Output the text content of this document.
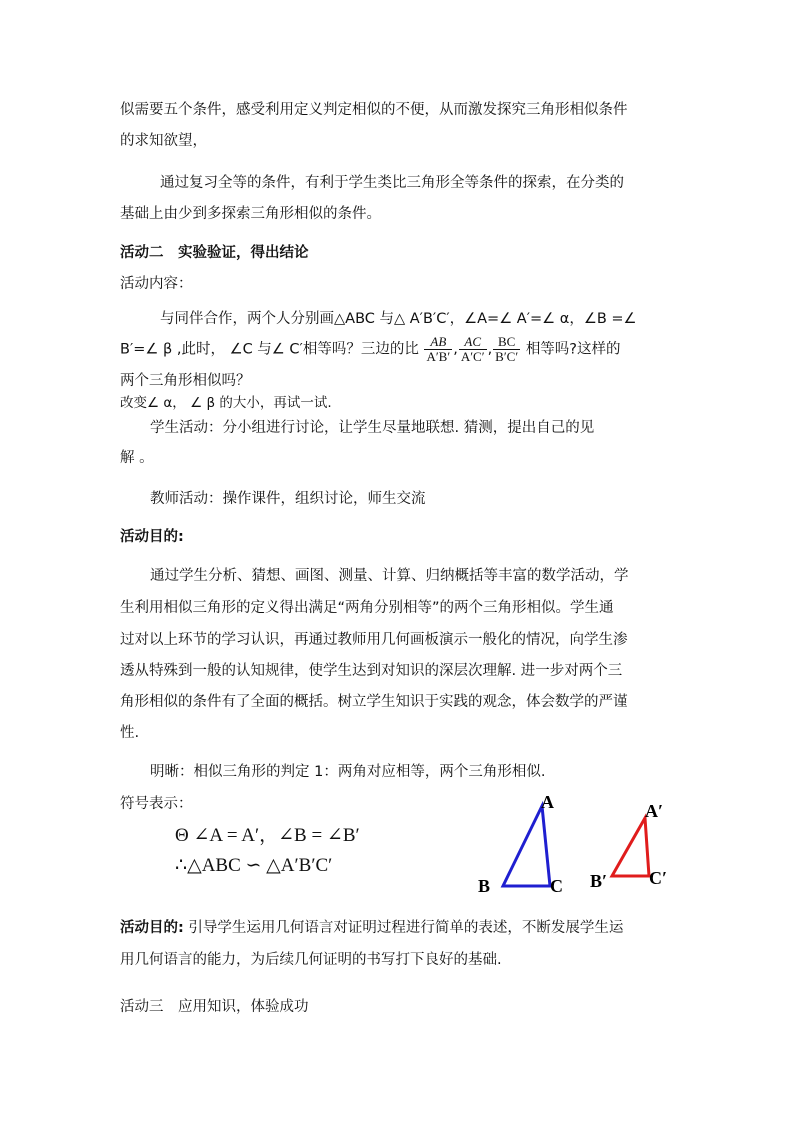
似需要五个条件，感受利用定义判定相似的不便，从而激发探究三角形相似条件
的求知欲望，
通过复习全等的条件，有利于学生类比三角形全等条件的探索，在分类的
基础上由少到多探索三角形相似的条件。
活动二　实验验证，得出结论
活动内容：
与同伴合作，两个人分别画△ABC 与△ A′B′C′，∠A=∠ A′=∠ α，∠B =∠
B′=∠ β ,此时， ∠C 与∠ C′相等吗？三边的比 $\frac{AB}{A'B'}$ , $\frac{AC}{A'C'}$ , $\frac{BC}{B'C'}$ 相等吗?这样的
两个三角形相似吗？
改变∠ α， ∠ β 的大小，再试一试.
学生活动：分小组进行讨论，让学生尽量地联想. 猜测，提出自己的见
解 。
教师活动：操作课件，组织讨论，师生交流
活动目的:
通过学生分析、猜想、画图、测量、计算、归纳概括等丰富的数学活动，学
生利用相似三角形的定义得出满足“两角分别相等”的两个三角形相似。学生通
过对以上环节的学习认识，再通过教师用几何画板演示一般化的情况，向学生渗
透从特殊到一般的认知规律，使学生达到对知识的深层次理解. 进一步对两个三
角形相似的条件有了全面的概括。树立学生知识于实践的观念，体会数学的严谨
性.
明晰：相似三角形的判定 1：两角对应相等，两个三角形相似.
符号表示：
Θ ∠A = A′，∠B = ∠B′
∴△ABC ∽ △A′B′C′
A
B	C
A′
B′ C′
活动目的: 引导学生运用几何语言对证明过程进行简单的表述，不断发展学生运
用几何语言的能力，为后续几何证明的书写打下良好的基础.
活动三　应用知识，体验成功
